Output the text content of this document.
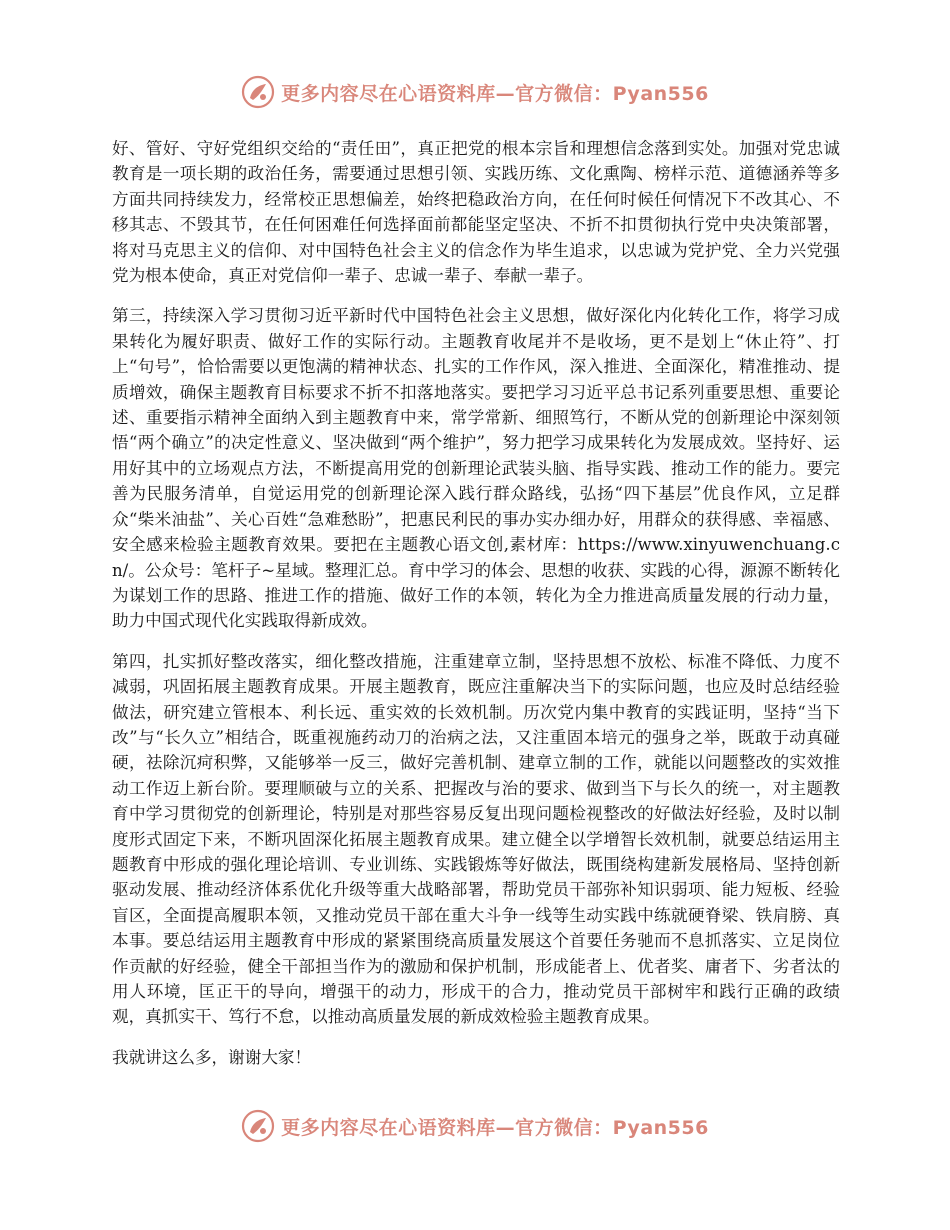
更多内容尽在心语资料库—官方微信：Pyan556

好、管好、守好党组织交给的“责任田”，真正把党的根本宗旨和理想信念落到实处。加强对党忠诚教育是一项长期的政治任务，需要通过思想引领、实践历练、文化熏陶、榜样示范、道德涵养等多方面共同持续发力，经常校正思想偏差，始终把稳政治方向，在任何时候任何情况下不改其心、不移其志、不毁其节，在任何困难任何选择面前都能坚定坚决、不折不扣贯彻执行党中央决策部署，将对马克思主义的信仰、对中国特色社会主义的信念作为毕生追求，以忠诚为党护党、全力兴党强党为根本使命，真正对党信仰一辈子、忠诚一辈子、奉献一辈子。

第三，持续深入学习贯彻习近平新时代中国特色社会主义思想，做好深化内化转化工作，将学习成果转化为履好职责、做好工作的实际行动。主题教育收尾并不是收场，更不是划上“休止符”、打上“句号”，恰恰需要以更饱满的精神状态、扎实的工作作风，深入推进、全面深化，精准推动、提质增效，确保主题教育目标要求不折不扣落地落实。要把学习习近平总书记系列重要思想、重要论述、重要指示精神全面纳入到主题教育中来，常学常新、细照笃行，不断从党的创新理论中深刻领悟“两个确立”的决定性意义、坚决做到“两个维护”，努力把学习成果转化为发展成效。坚持好、运用好其中的立场观点方法，不断提高用党的创新理论武装头脑、指导实践、推动工作的能力。要完善为民服务清单，自觉运用党的创新理论深入践行群众路线，弘扬“四下基层”优良作风，立足群众“柴米油盐”、关心百姓“急难愁盼”，把惠民利民的事办实办细办好，用群众的获得感、幸福感、安全感来检验主题教育效果。要把在主题教心语文创,素材库：https://www.xinyuwenchuang.cn/。公众号：笔杆子~星域。整理汇总。育中学习的体会、思想的收获、实践的心得，源源不断转化为谋划工作的思路、推进工作的措施、做好工作的本领，转化为全力推进高质量发展的行动力量，助力中国式现代化实践取得新成效。

第四，扎实抓好整改落实，细化整改措施，注重建章立制，坚持思想不放松、标准不降低、力度不减弱，巩固拓展主题教育成果。开展主题教育，既应注重解决当下的实际问题，也应及时总结经验做法，研究建立管根本、利长远、重实效的长效机制。历次党内集中教育的实践证明，坚持“当下改”与“长久立”相结合，既重视施药动刀的治病之法，又注重固本培元的强身之举，既敢于动真碰硬，祛除沉疴积弊，又能够举一反三，做好完善机制、建章立制的工作，就能以问题整改的实效推动工作迈上新台阶。要理顺破与立的关系、把握改与治的要求、做到当下与长久的统一，对主题教育中学习贯彻党的创新理论，特别是对那些容易反复出现问题检视整改的好做法好经验，及时以制度形式固定下来，不断巩固深化拓展主题教育成果。建立健全以学增智长效机制，就要总结运用主题教育中形成的强化理论培训、专业训练、实践锻炼等好做法，既围绕构建新发展格局、坚持创新驱动发展、推动经济体系优化升级等重大战略部署，帮助党员干部弥补知识弱项、能力短板、经验盲区，全面提高履职本领，又推动党员干部在重大斗争一线等生动实践中练就硬脊梁、铁肩膀、真本事。要总结运用主题教育中形成的紧紧围绕高质量发展这个首要任务驰而不息抓落实、立足岗位作贡献的好经验，健全干部担当作为的激励和保护机制，形成能者上、优者奖、庸者下、劣者汰的用人环境，匡正干的导向，增强干的动力，形成干的合力，推动党员干部树牢和践行正确的政绩观，真抓实干、笃行不怠，以推动高质量发展的新成效检验主题教育成果。

我就讲这么多，谢谢大家！

更多内容尽在心语资料库—官方微信：Pyan556
